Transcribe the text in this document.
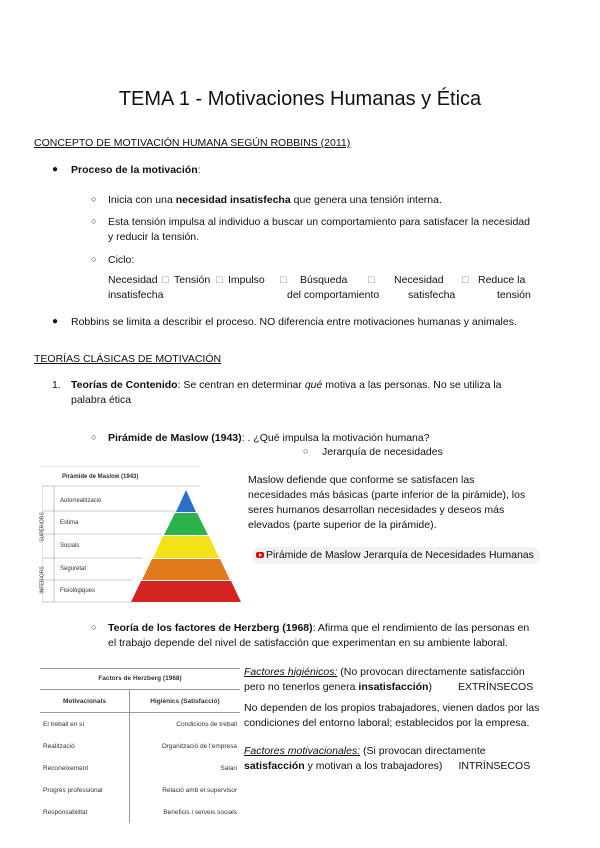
TEMA 1 - Motivaciones Humanas y Ética
CONCEPTO DE MOTIVACIÓN HUMANA SEGÚN ROBBINS (2011)
● Proceso de la motivación:
○ Inicia con una necesidad insatisfecha que genera una tensión interna.
○ Esta tensión impulsa al individuo a buscar un comportamiento para satisfacer la necesidad
y reducir la tensión.
○ Ciclo:
Necesidad □ Tensión □ Impulso □ Búsqueda □ Necesidad □ Reduce la
insatisfecha	del comportamiento	satisfecha	tensión
● Robbins se limita a describir el proceso. NO diferencia entre motivaciones humanas y animales.
TEORÍAS CLÁSICAS DE MOTIVACIÓN
1. Teorías de Contenido: Se centran en determinar qué motiva a las personas. No se utiliza la
palabra ética
○ Pirámide de Maslow (1943): . ¿Qué impulsa la motivación humana?
○ Jerarquía de necesidades
Piràmide de Maslow (1943)
Autorrealització
Estima
Socials
Seguretat
Fisiològiques
SUPERIORS
INFERIORS
Maslow defiende que conforme se satisfacen las
necesidades más básicas (parte inferior de la pirámide), los
seres humanos desarrollan necesidades y deseos más
elevados (parte superior de la pirámide).
Pirámide de Maslow Jerarquía de Necesidades Humanas
○ Teoría de los factores de Herzberg (1968): Afirma que el rendimiento de las personas en
el trabajo depende del nivel de satisfacción que experimentan en su ambiente laboral.
Factors de Herzberg (1968)
Motivacionals	Higiènics (Satisfacció)
El treball en sí	Condicions de treball
Realització	Organització de l'empresa
Reconeixement	Salari
Progrés professional	Relació amb el supervisor
Responsabilitat	Beneficis i serveis socials
Factores higiénicos: (No provocan directamente satisfacción
pero no tenerlos genera insatisfacción) EXTRÍNSECOS
No dependen de los propios trabajadores, vienen dados por las
condiciones del entorno laboral; establecidos por la empresa.
Factores motivacionales: (Si provocan directamente
satisfacción y motivan a los trabajadores) INTRÍNSECOS
